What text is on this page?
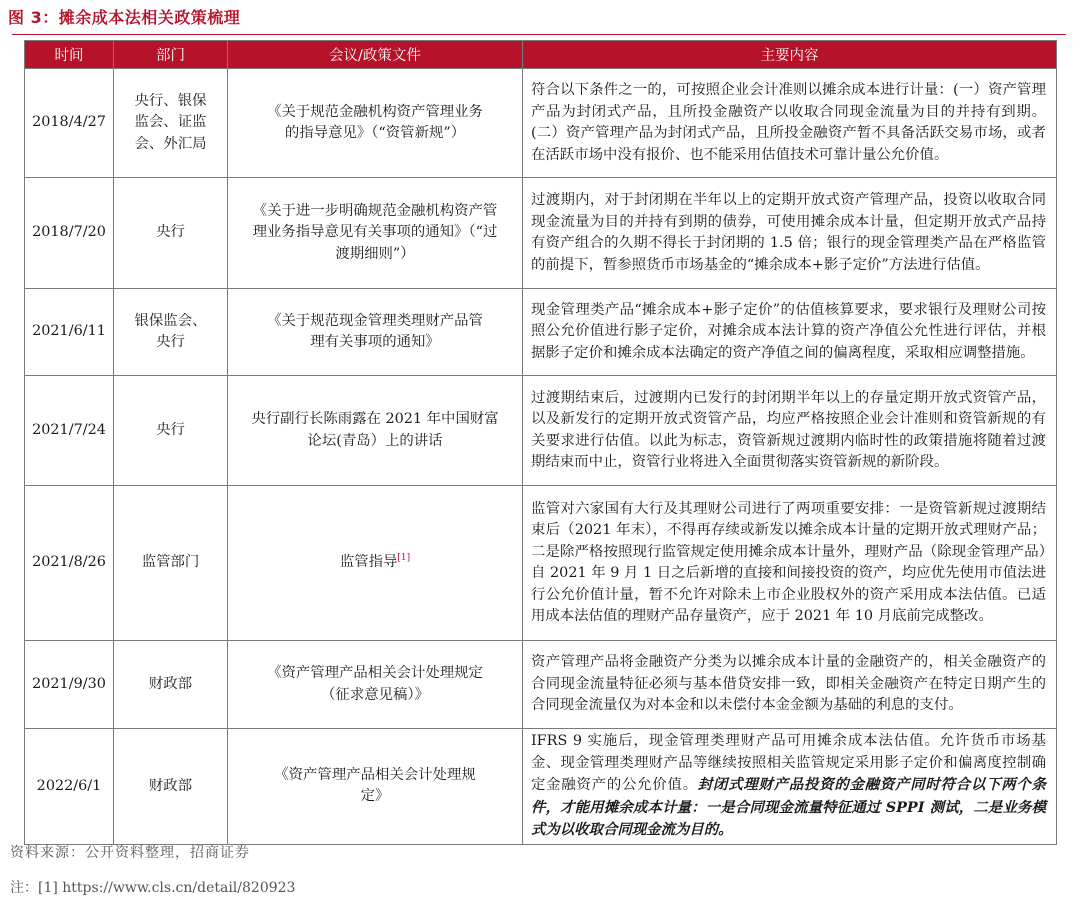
图 3：摊余成本法相关政策梳理
时间	部门	会议/政策文件	主要内容
2018/4/27	央行、银保监会、证监会、外汇局	《关于规范金融机构资产管理业务的指导意见》（“资管新规”）	符合以下条件之一的，可按照企业会计准则以摊余成本进行计量：(一）资产管理产品为封闭式产品，且所投金融资产以收取合同现金流量为目的并持有到期。(二）资产管理产品为封闭式产品，且所投金融资产暂不具备活跃交易市场，或者在活跃市场中没有报价、也不能采用估值技术可靠计量公允价值。
2018/7/20	央行	《关于进一步明确规范金融机构资产管理业务指导意见有关事项的通知》（“过渡期细则”）	过渡期内，对于封闭期在半年以上的定期开放式资产管理产品，投资以收取合同现金流量为目的并持有到期的债券，可使用摊余成本计量，但定期开放式产品持有资产组合的久期不得长于封闭期的 1.5 倍；银行的现金管理类产品在严格监管的前提下，暂参照货币市场基金的“摊余成本+影子定价”方法进行估值。
2021/6/11	银保监会、央行	《关于规范现金管理类理财产品管理有关事项的通知》	现金管理类产品“摊余成本+影子定价”的估值核算要求，要求银行及理财公司按照公允价值进行影子定价，对摊余成本法计算的资产净值公允性进行评估，并根据影子定价和摊余成本法确定的资产净值之间的偏离程度，采取相应调整措施。
2021/7/24	央行	央行副行长陈雨露在 2021 年中国财富论坛(青岛）上的讲话	过渡期结束后，过渡期内已发行的封闭期半年以上的存量定期开放式资管产品，以及新发行的定期开放式资管产品，均应严格按照企业会计准则和资管新规的有关要求进行估值。以此为标志，资管新规过渡期内临时性的政策措施将随着过渡期结束而中止，资管行业将进入全面贯彻落实资管新规的新阶段。
2021/8/26	监管部门	监管指导[1]	监管对六家国有大行及其理财公司进行了两项重要安排：一是资管新规过渡期结束后（2021 年末），不得再存续或新发以摊余成本计量的定期开放式理财产品；二是除严格按照现行监管规定使用摊余成本计量外，理财产品（除现金管理产品）自 2021 年 9 月 1 日之后新增的直接和间接投资的资产，均应优先使用市值法进行公允价值计量，暂不允许对除未上市企业股权外的资产采用成本法估值。已适用成本法估值的理财产品存量资产，应于 2021 年 10 月底前完成整改。
2021/9/30	财政部	《资产管理产品相关会计处理规定（征求意见稿）》	资产管理产品将金融资产分类为以摊余成本计量的金融资产的，相关金融资产的合同现金流量特征必须与基本借贷安排一致，即相关金融资产在特定日期产生的合同现金流量仅为对本金和以未偿付本金金额为基础的利息的支付。
2022/6/1	财政部	《资产管理产品相关会计处理规定》	IFRS 9 实施后，现金管理类理财产品可用摊余成本法估值。允许货币市场基金、现金管理类理财产品等继续按照相关监管规定采用影子定价和偏离度控制确定金融资产的公允价值。封闭式理财产品投资的金融资产同时符合以下两个条件，才能用摊余成本计量：一是合同现金流量特征通过 SPPI 测试，二是业务模式为以收取合同现金流为目的。
资料来源：公开资料整理，招商证券
注：[1] https://www.cls.cn/detail/820923
